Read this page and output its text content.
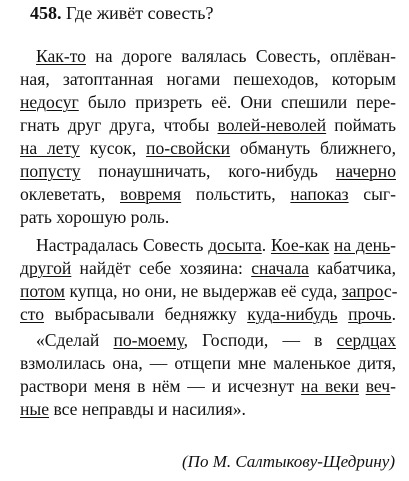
458. Где живёт совесть?
Как-то на дороге валялась Совесть, оплёван-
ная, затоптанная ногами пешеходов, которым
недосуг было призреть её. Они спешили пере-
гнать друг друга, чтобы волей-неволей поймать
на лету кусок, по-свойски обмануть ближнего,
попусту понаушничать, кого-нибудь начерно
оклеветать, вовремя польстить, напоказ сыг-
рать хорошую роль.
Настрадалась Совесть досыта. Кое-как на день-
другой найдёт себе хозяина: сначала кабатчика,
потом купца, но они, не выдержав её суда, запрос-
сто выбрасывали бедняжку куда-нибудь прочь.
«Сделай по-моему, Господи, — в сердцах
взмолилась она, — отщепи мне маленькое дитя,
раствори меня в нём — и исчезнут на веки веч-
ные все неправды и насилия».
(По М. Салтыкову-Щедрину)
